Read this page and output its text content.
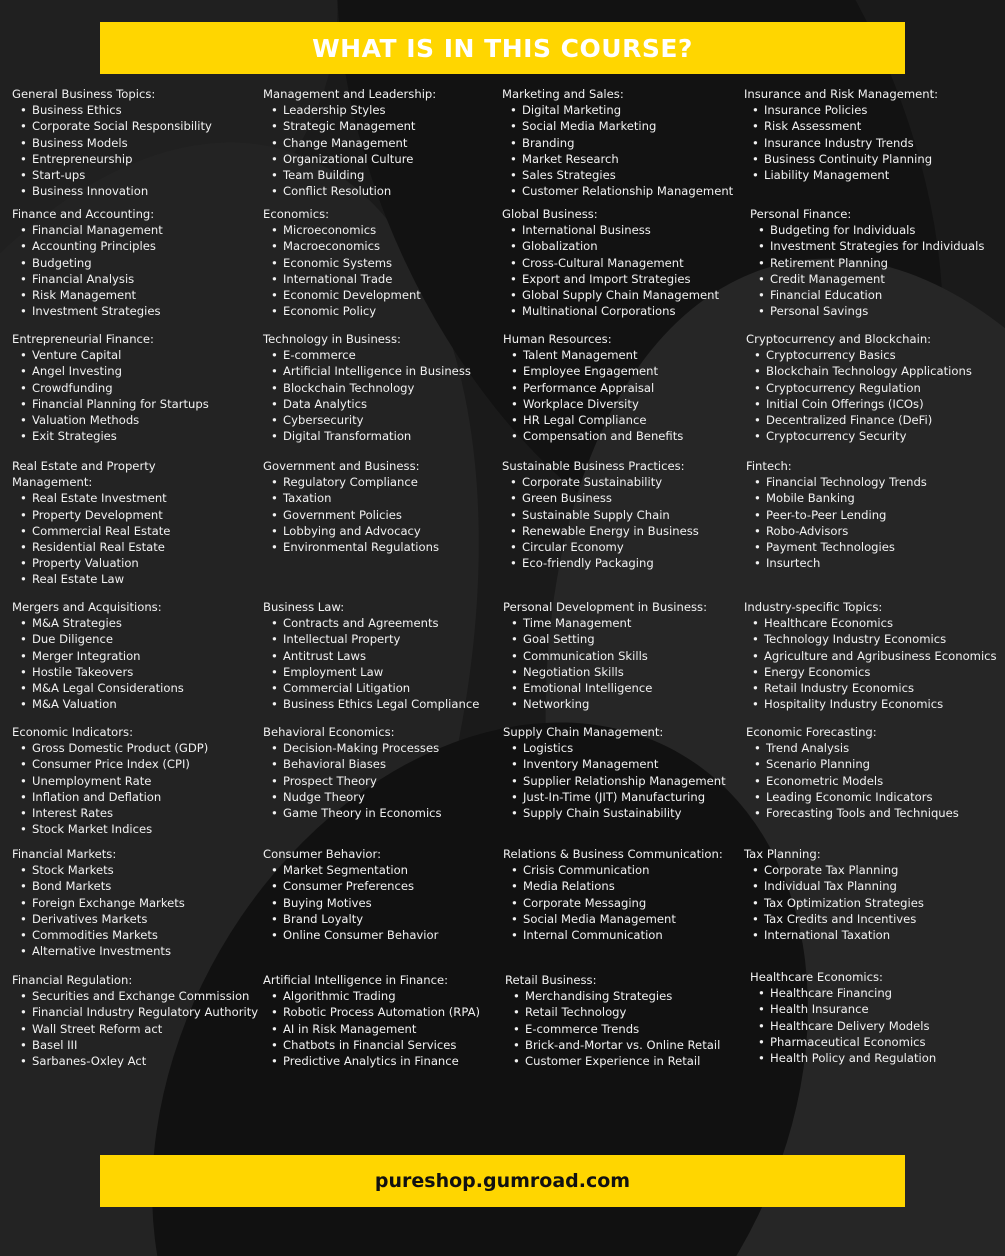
WHAT IS IN THIS COURSE?
General Business Topics:
• Business Ethics
• Corporate Social Responsibility
• Business Models
• Entrepreneurship
• Start-ups
• Business Innovation
Finance and Accounting:
• Financial Management
• Accounting Principles
• Budgeting
• Financial Analysis
• Risk Management
• Investment Strategies
Entrepreneurial Finance:
• Venture Capital
• Angel Investing
• Crowdfunding
• Financial Planning for Startups
• Valuation Methods
• Exit Strategies
Real Estate and Property Management:
• Real Estate Investment
• Property Development
• Commercial Real Estate
• Residential Real Estate
• Property Valuation
• Real Estate Law
Mergers and Acquisitions:
• M&A Strategies
• Due Diligence
• Merger Integration
• Hostile Takeovers
• M&A Legal Considerations
• M&A Valuation
Economic Indicators:
• Gross Domestic Product (GDP)
• Consumer Price Index (CPI)
• Unemployment Rate
• Inflation and Deflation
• Interest Rates
• Stock Market Indices
Financial Markets:
• Stock Markets
• Bond Markets
• Foreign Exchange Markets
• Derivatives Markets
• Commodities Markets
• Alternative Investments
Financial Regulation:
• Securities and Exchange Commission
• Financial Industry Regulatory Authority
• Wall Street Reform act
• Basel III
• Sarbanes-Oxley Act
Management and Leadership:
• Leadership Styles
• Strategic Management
• Change Management
• Organizational Culture
• Team Building
• Conflict Resolution
Economics:
• Microeconomics
• Macroeconomics
• Economic Systems
• International Trade
• Economic Development
• Economic Policy
Technology in Business:
• E-commerce
• Artificial Intelligence in Business
• Blockchain Technology
• Data Analytics
• Cybersecurity
• Digital Transformation
Government and Business:
• Regulatory Compliance
• Taxation
• Government Policies
• Lobbying and Advocacy
• Environmental Regulations
Business Law:
• Contracts and Agreements
• Intellectual Property
• Antitrust Laws
• Employment Law
• Commercial Litigation
• Business Ethics Legal Compliance
Behavioral Economics:
• Decision-Making Processes
• Behavioral Biases
• Prospect Theory
• Nudge Theory
• Game Theory in Economics
Consumer Behavior:
• Market Segmentation
• Consumer Preferences
• Buying Motives
• Brand Loyalty
• Online Consumer Behavior
Artificial Intelligence in Finance:
• Algorithmic Trading
• Robotic Process Automation (RPA)
• AI in Risk Management
• Chatbots in Financial Services
• Predictive Analytics in Finance
Marketing and Sales:
• Digital Marketing
• Social Media Marketing
• Branding
• Market Research
• Sales Strategies
• Customer Relationship Management
Global Business:
• International Business
• Globalization
• Cross-Cultural Management
• Export and Import Strategies
• Global Supply Chain Management
• Multinational Corporations
Human Resources:
• Talent Management
• Employee Engagement
• Performance Appraisal
• Workplace Diversity
• HR Legal Compliance
• Compensation and Benefits
Sustainable Business Practices:
• Corporate Sustainability
• Green Business
• Sustainable Supply Chain
• Renewable Energy in Business
• Circular Economy
• Eco-friendly Packaging
Personal Development in Business:
• Time Management
• Goal Setting
• Communication Skills
• Negotiation Skills
• Emotional Intelligence
• Networking
Supply Chain Management:
• Logistics
• Inventory Management
• Supplier Relationship Management
• Just-In-Time (JIT) Manufacturing
• Supply Chain Sustainability
Relations & Business Communication:
• Crisis Communication
• Media Relations
• Corporate Messaging
• Social Media Management
• Internal Communication
Retail Business:
• Merchandising Strategies
• Retail Technology
• E-commerce Trends
• Brick-and-Mortar vs. Online Retail
• Customer Experience in Retail
Insurance and Risk Management:
• Insurance Policies
• Risk Assessment
• Insurance Industry Trends
• Business Continuity Planning
• Liability Management
Personal Finance:
• Budgeting for Individuals
• Investment Strategies for Individuals
• Retirement Planning
• Credit Management
• Financial Education
• Personal Savings
Cryptocurrency and Blockchain:
• Cryptocurrency Basics
• Blockchain Technology Applications
• Cryptocurrency Regulation
• Initial Coin Offerings (ICOs)
• Decentralized Finance (DeFi)
• Cryptocurrency Security
Fintech:
• Financial Technology Trends
• Mobile Banking
• Peer-to-Peer Lending
• Robo-Advisors
• Payment Technologies
• Insurtech
Industry-specific Topics:
• Healthcare Economics
• Technology Industry Economics
• Agriculture and Agribusiness Economics
• Energy Economics
• Retail Industry Economics
• Hospitality Industry Economics
Economic Forecasting:
• Trend Analysis
• Scenario Planning
• Econometric Models
• Leading Economic Indicators
• Forecasting Tools and Techniques
Tax Planning:
• Corporate Tax Planning
• Individual Tax Planning
• Tax Optimization Strategies
• Tax Credits and Incentives
• International Taxation
Healthcare Economics:
• Healthcare Financing
• Health Insurance
• Healthcare Delivery Models
• Pharmaceutical Economics
• Health Policy and Regulation
pureshop.gumroad.com
